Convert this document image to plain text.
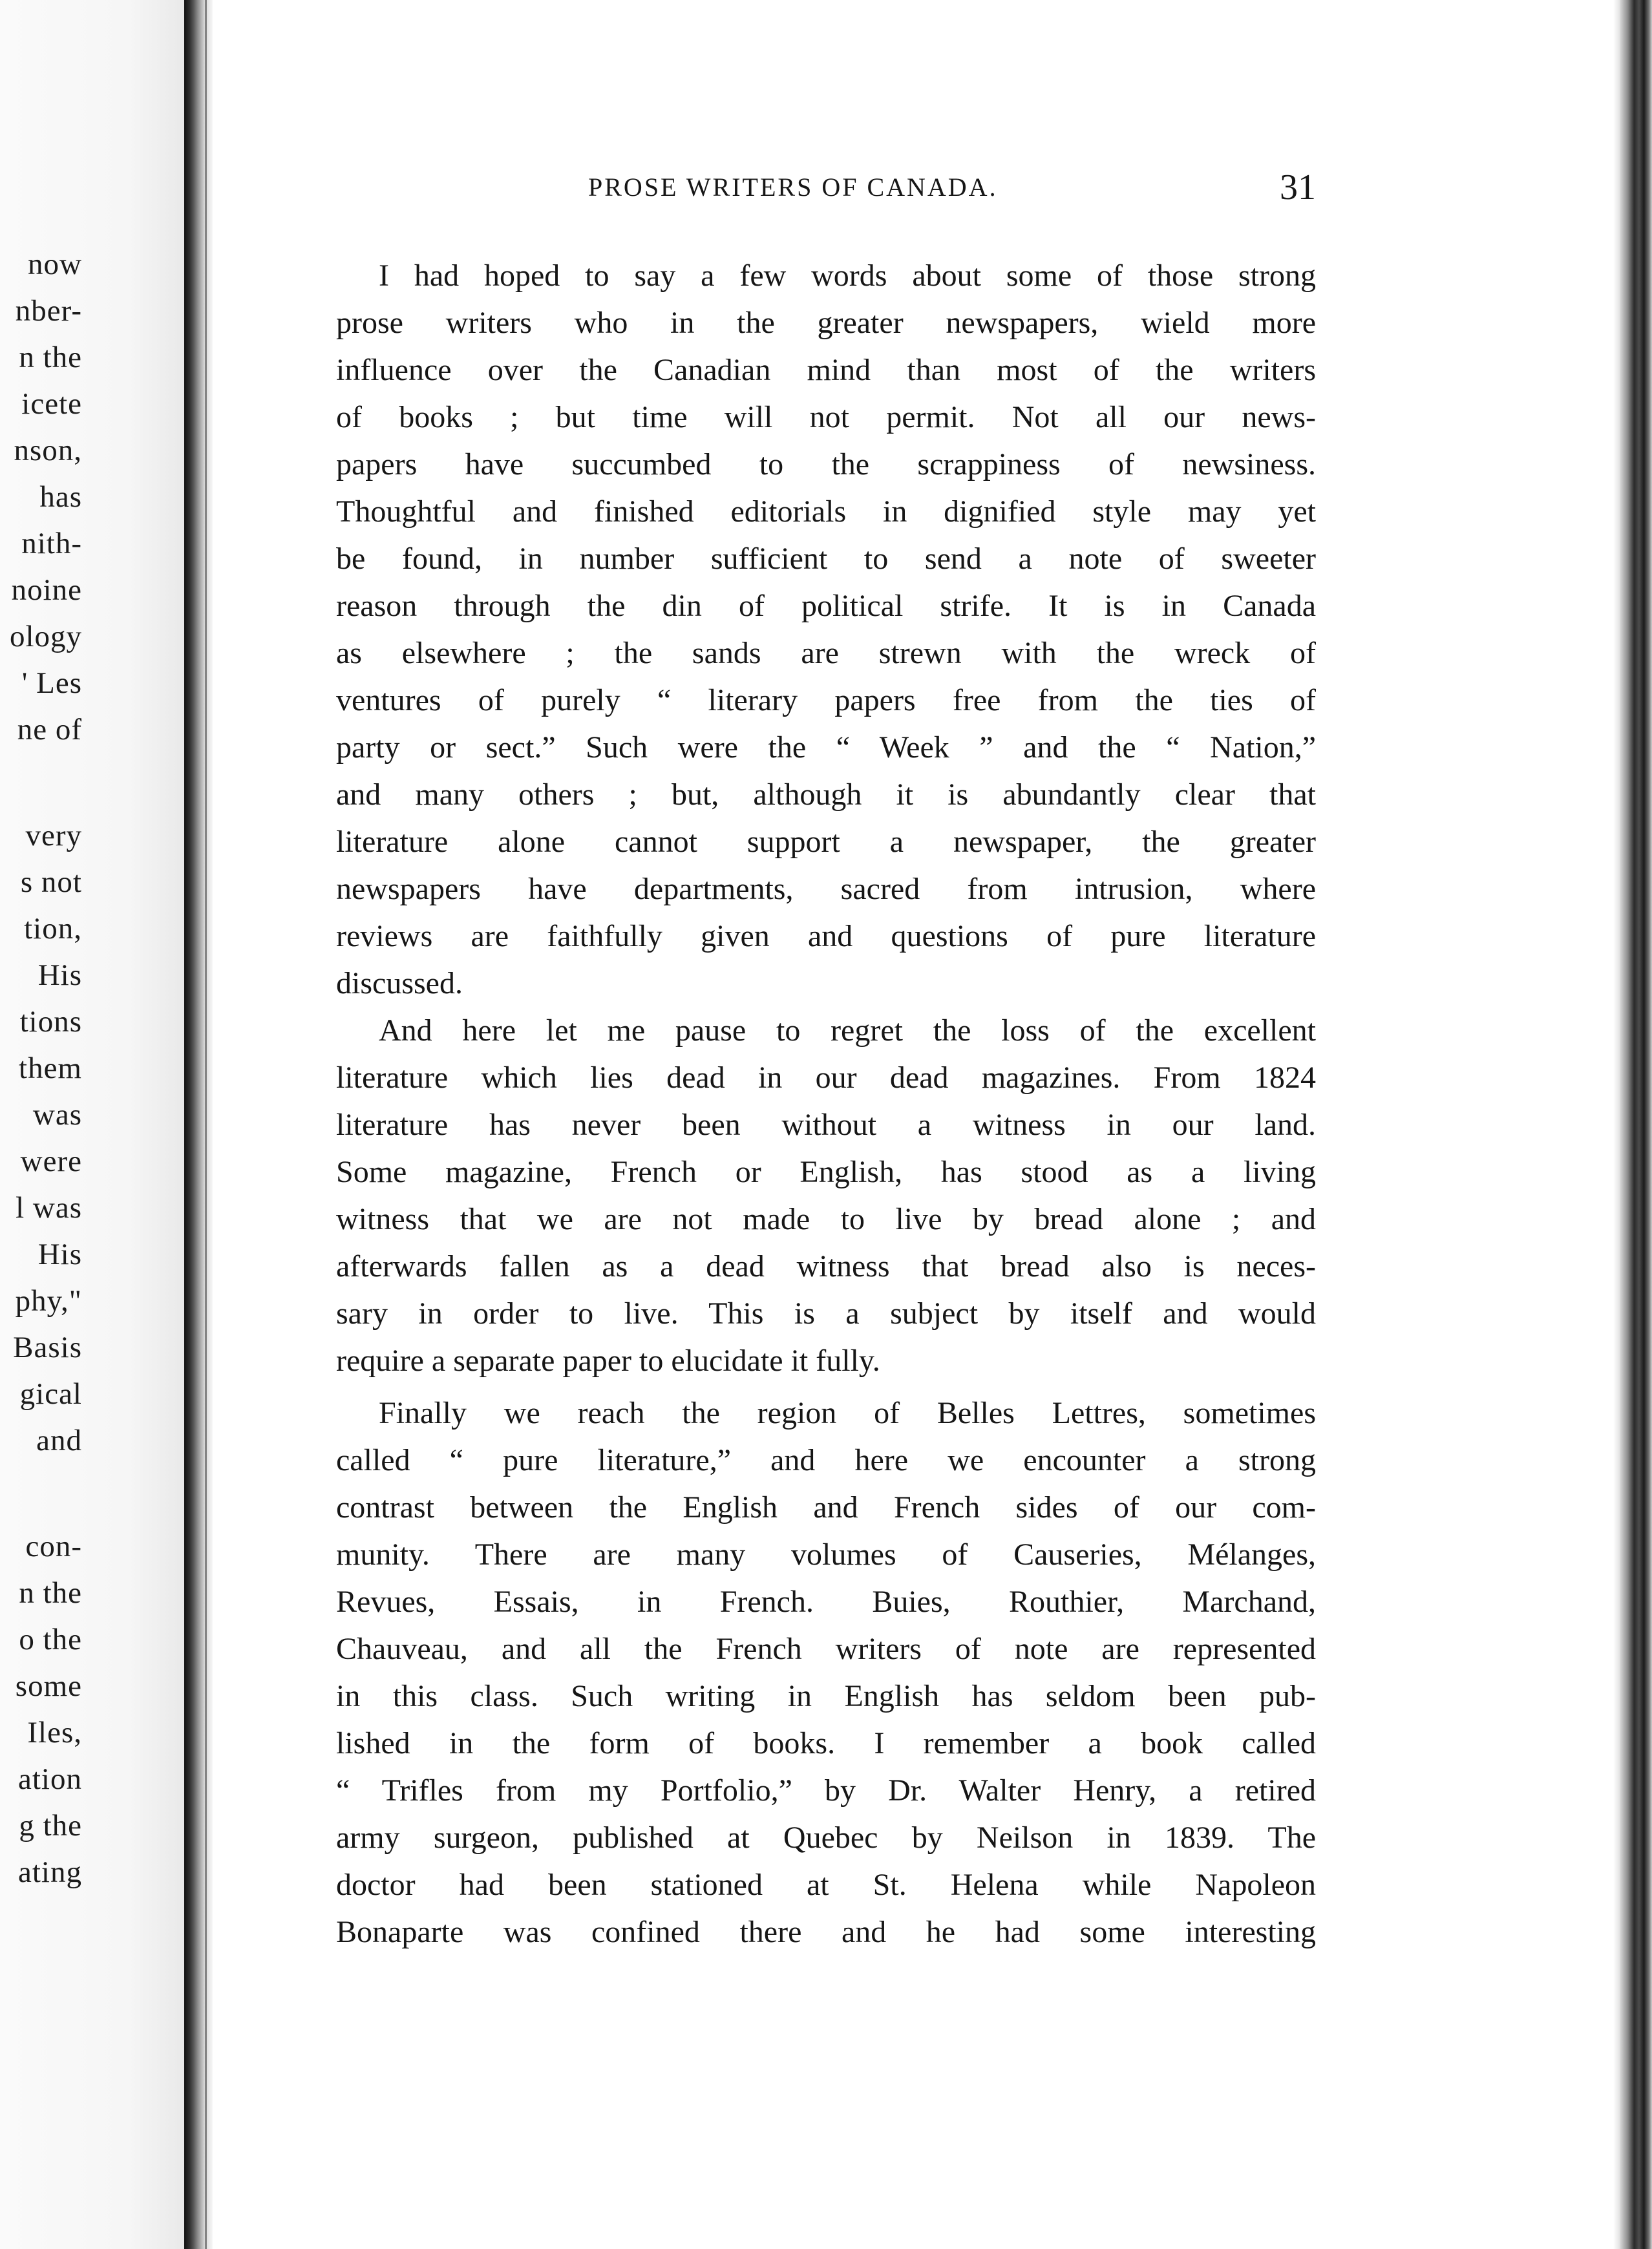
now
nber-
n the
icete
nson,
has
nith-
noine
ology
' Les
ne of
very
s not
tion,
His
tions
them
was
were
l was
His
phy,"
Basis
gical
and
con-
n the
o the
some
Iles,
ation
g the
ating
PROSE WRITERS OF CANADA.	31
I had hoped to say a few words about some of those strong
prose writers who in the greater newspapers, wield more
influence over the Canadian mind than most of the writers
of books ; but time will not permit. Not all our news-
papers have succumbed to the scrappiness of newsiness.
Thoughtful and finished editorials in dignified style may yet
be found, in number sufficient to send a note of sweeter
reason through the din of political strife. It is in Canada
as elsewhere ; the sands are strewn with the wreck of
ventures of purely “ literary papers free from the ties of
party or sect.” Such were the “ Week ” and the “ Nation,”
and many others ; but, although it is abundantly clear that
literature alone cannot support a newspaper, the greater
newspapers have departments, sacred from intrusion, where
reviews are faithfully given and questions of pure literature
discussed.
And here let me pause to regret the loss of the excellent
literature which lies dead in our dead magazines. From 1824
literature has never been without a witness in our land.
Some magazine, French or English, has stood as a living
witness that we are not made to live by bread alone ; and
afterwards fallen as a dead witness that bread also is neces-
sary in order to live. This is a subject by itself and would
require a separate paper to elucidate it fully.
Finally we reach the region of Belles Lettres, sometimes
called “ pure literature,” and here we encounter a strong
contrast between the English and French sides of our com-
munity. There are many volumes of Causeries, Mélanges,
Revues, Essais, in French. Buies, Routhier, Marchand,
Chauveau, and all the French writers of note are represented
in this class. Such writing in English has seldom been pub-
lished in the form of books. I remember a book called
“ Trifles from my Portfolio,” by Dr. Walter Henry, a retired
army surgeon, published at Quebec by Neilson in 1839. The
doctor had been stationed at St. Helena while Napoleon
Bonaparte was confined there and he had some interesting
